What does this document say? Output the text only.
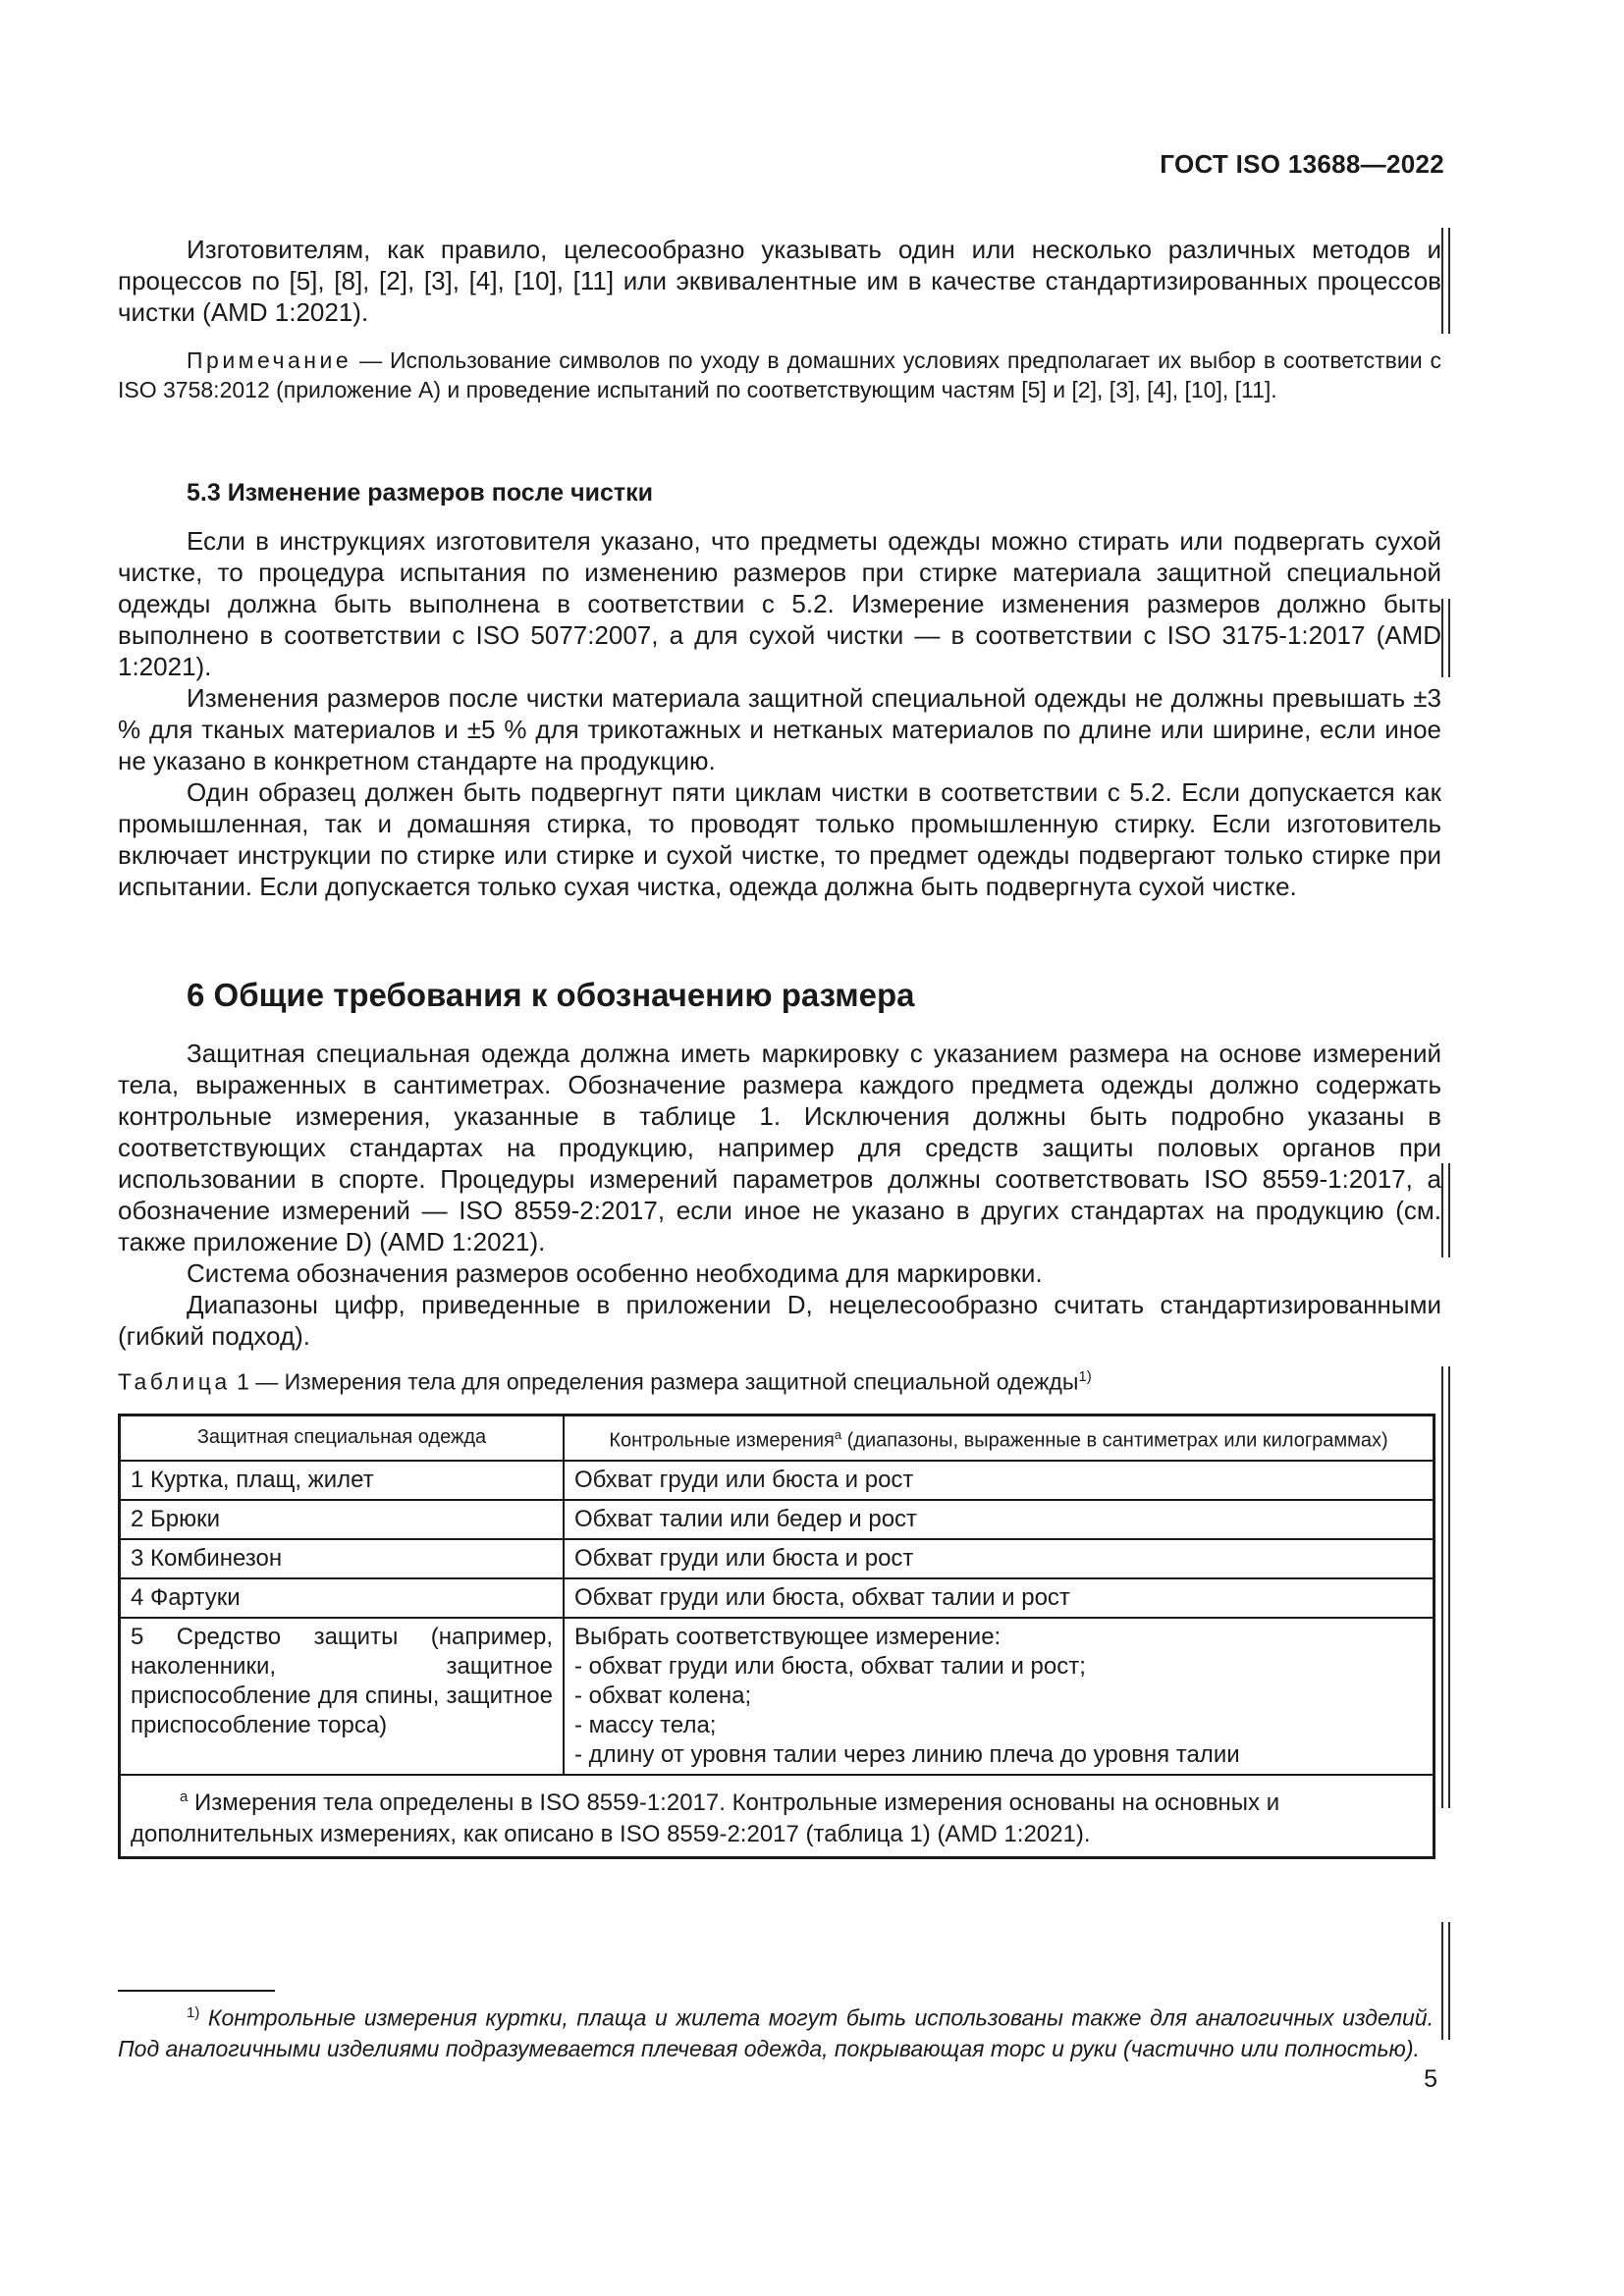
ГОСТ ISO 13688—2022

Изготовителям, как правило, целесообразно указывать один или несколько различных методов и процессов по [5], [8], [2], [3], [4], [10], [11] или эквивалентные им в качестве стандартизированных процессов чистки (AMD 1:2021).

Примечание — Использование символов по уходу в домашних условиях предполагает их выбор в соответствии с ISO 3758:2012 (приложение А) и проведение испытаний по соответствующим частям [5] и [2], [3], [4], [10], [11].

5.3 Изменение размеров после чистки

Если в инструкциях изготовителя указано, что предметы одежды можно стирать или подвергать сухой чистке, то процедура испытания по изменению размеров при стирке материала защитной специальной одежды должна быть выполнена в соответствии с 5.2. Измерение изменения размеров должно быть выполнено в соответствии с ISO 5077:2007, а для сухой чистки — в соответствии с ISO 3175-1:2017 (AMD 1:2021).

Изменения размеров после чистки материала защитной специальной одежды не должны превышать ±3 % для тканых материалов и ±5 % для трикотажных и нетканых материалов по длине или ширине, если иное не указано в конкретном стандарте на продукцию.

Один образец должен быть подвергнут пяти циклам чистки в соответствии с 5.2. Если допускается как промышленная, так и домашняя стирка, то проводят только промышленную стирку. Если изготовитель включает инструкции по стирке или стирке и сухой чистке, то предмет одежды подвергают только стирке при испытании. Если допускается только сухая чистка, одежда должна быть подвергнута сухой чистке.

6 Общие требования к обозначению размера

Защитная специальная одежда должна иметь маркировку с указанием размера на основе измерений тела, выраженных в сантиметрах. Обозначение размера каждого предмета одежды должно содержать контрольные измерения, указанные в таблице 1. Исключения должны быть подробно указаны в соответствующих стандартах на продукцию, например для средств защиты половых органов при использовании в спорте. Процедуры измерений параметров должны соответствовать ISO 8559-1:2017, а обозначение измерений — ISO 8559-2:2017, если иное не указано в других стандартах на продукцию (см. также приложение D) (AMD 1:2021).

Система обозначения размеров особенно необходима для маркировки.

Диапазоны цифр, приведенные в приложении D, нецелесообразно считать стандартизированными (гибкий подход).

Таблица 1 — Измерения тела для определения размера защитной специальной одежды$^{1)}$

Защитная специальная одежда	Контрольные измерения$^a$ (диапазоны, выраженные в сантиметрах или килограммах)
1 Куртка, плащ, жилет	Обхват груди или бюста и рост
2 Брюки	Обхват талии или бедер и рост
3 Комбинезон	Обхват груди или бюста и рост
4 Фартуки	Обхват груди или бюста, обхват талии и рост
5 Средство защиты (например, наколенники, защитное приспособление для спины, защитное приспособление торса)	Выбрать соответствующее измерение:
- обхват груди или бюста, обхват талии и рост;
- обхват колена;
- массу тела;
- длину от уровня талии через линию плеча до уровня талии

$^a$ Измерения тела определены в ISO 8559-1:2017. Контрольные измерения основаны на основных и дополнительных измерениях, как описано в ISO 8559-2:2017 (таблица 1) (AMD 1:2021).	

$^{1)}$ Контрольные измерения куртки, плаща и жилета могут быть использованы также для аналогичных изделий. Под аналогичными изделиями подразумевается плечевая одежда, покрывающая торс и руки (частично или полностью).

5
